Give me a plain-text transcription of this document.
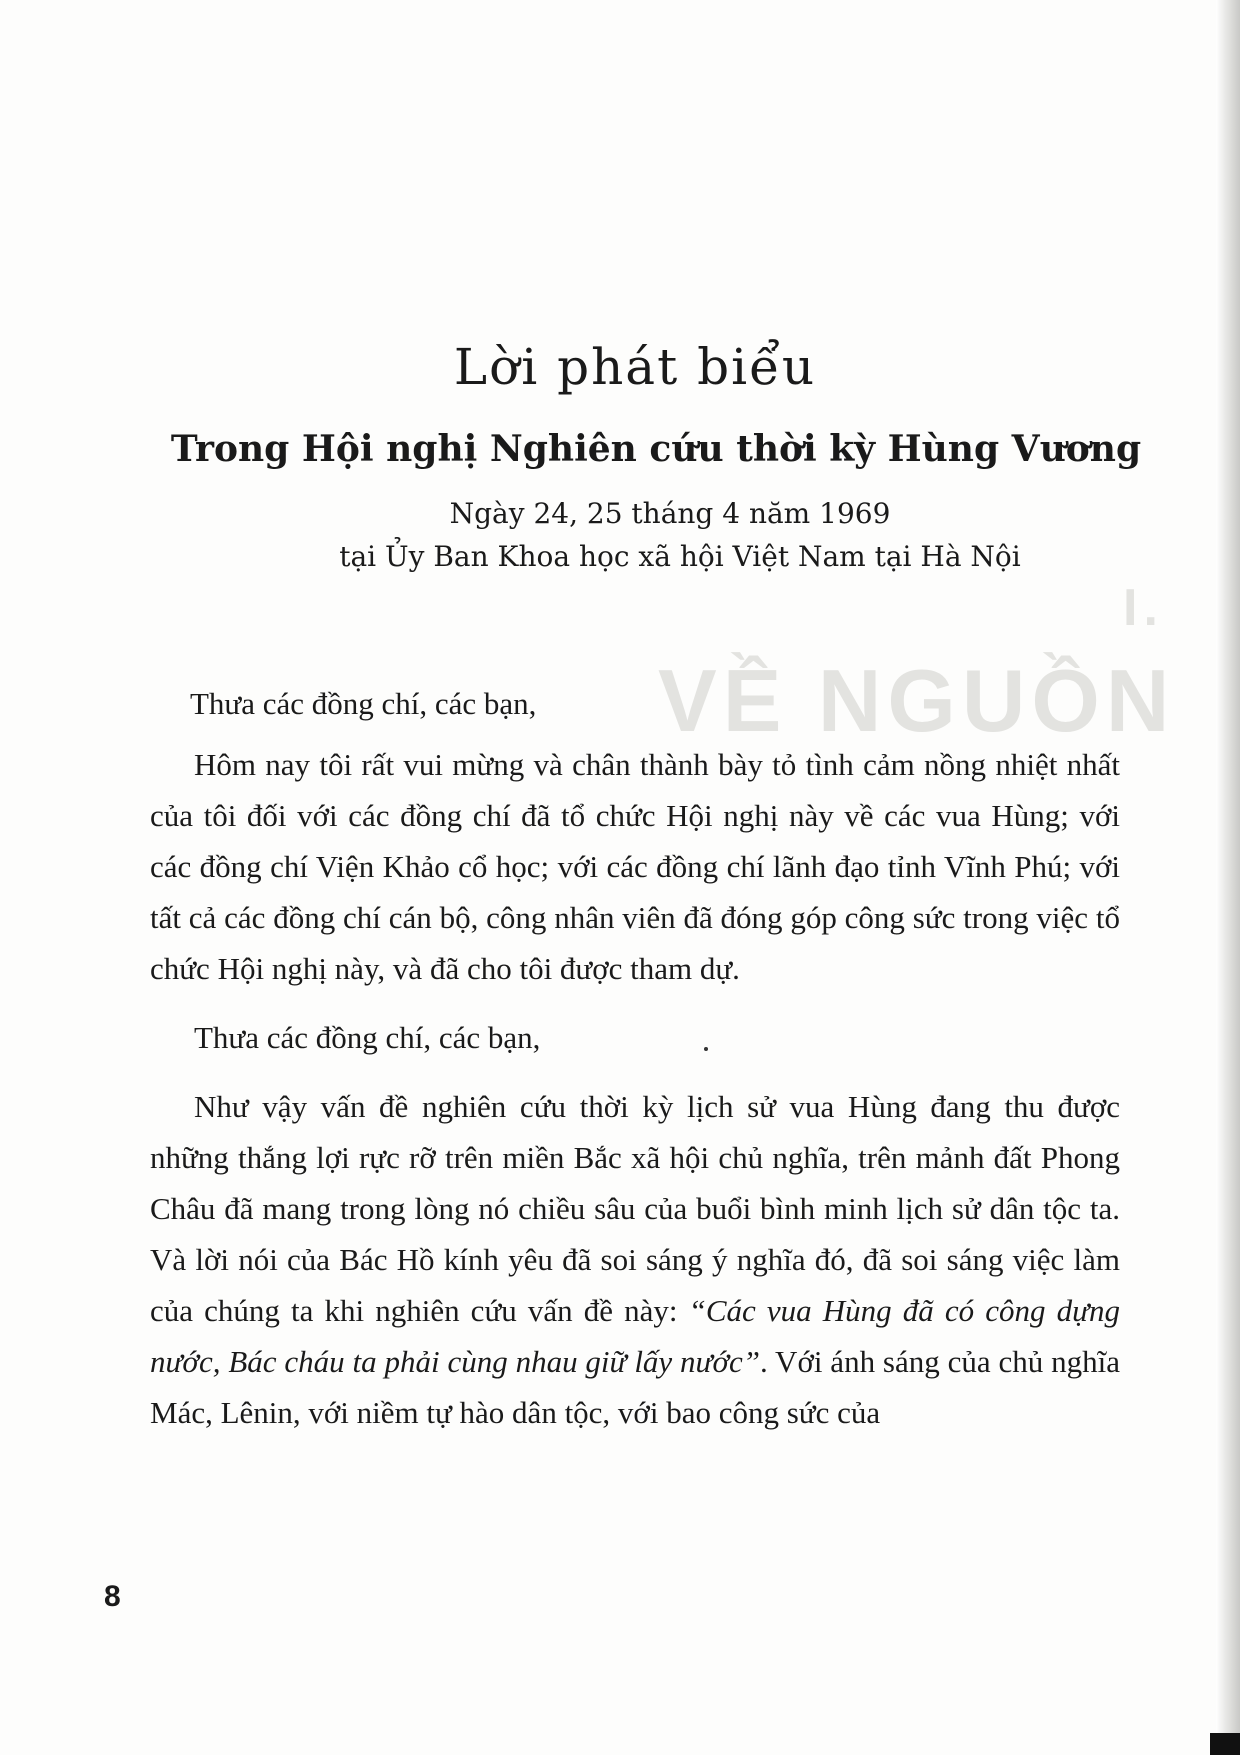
I.
VỀ NGUỒN
Lời phát biểu
Trong Hội nghị Nghiên cứu thời kỳ Hùng Vương
Ngày 24, 25 tháng 4 năm 1969
tại Ủy Ban Khoa học xã hội Việt Nam tại Hà Nội

Thưa các đồng chí, các bạn,

Hôm nay tôi rất vui mừng và chân thành bày tỏ tình cảm nồng nhiệt nhất của tôi đối với các đồng chí đã tổ chức Hội nghị này về các vua Hùng; với các đồng chí Viện Khảo cổ học; với các đồng chí lãnh đạo tỉnh Vĩnh Phú; với tất cả các đồng chí cán bộ, công nhân viên đã đóng góp công sức trong việc tổ chức Hội nghị này, và đã cho tôi được tham dự.

Thưa các đồng chí, các bạn,

Như vậy vấn đề nghiên cứu thời kỳ lịch sử vua Hùng đang thu được những thắng lợi rực rỡ trên miền Bắc xã hội chủ nghĩa, trên mảnh đất Phong Châu đã mang trong lòng nó chiều sâu của buổi bình minh lịch sử dân tộc ta. Và lời nói của Bác Hồ kính yêu đã soi sáng ý nghĩa đó, đã soi sáng việc làm của chúng ta khi nghiên cứu vấn đề này: “Các vua Hùng đã có công dựng nước, Bác cháu ta phải cùng nhau giữ lấy nước”. Với ánh sáng của chủ nghĩa Mác, Lênin, với niềm tự hào dân tộc, với bao công sức của

8
